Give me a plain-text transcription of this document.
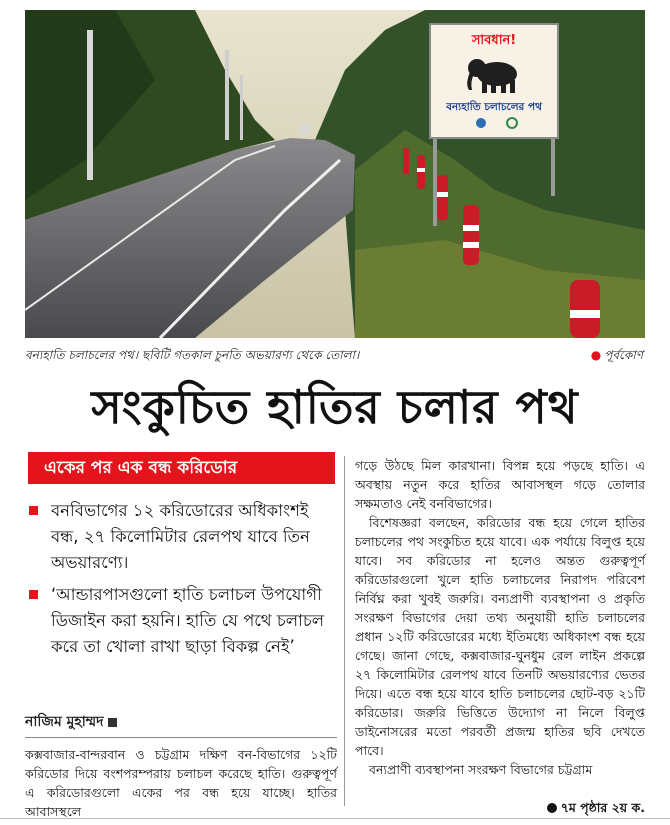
সাবধান!
বন্যহাতি চলাচলের পথ
বন্যহাতি চলাচলের পথ। ছবিটি গতকাল চুনতি অভয়ারণ্য থেকে তোলা।	● পূর্বকোণ
সংকুচিত হাতির চলার পথ
একের পর এক বন্ধ করিডোর
বনবিভাগের ১২ করিডোরের অধিকাংশই বন্ধ, ২৭ কিলোমিটার রেলপথ যাবে তিন অভয়ারণ্যে।
‘আন্ডারপাসগুলো হাতি চলাচল উপযোগী ডিজাইন করা হয়নি। হাতি যে পথে চলাচল করে তা খোলা রাখা ছাড়া বিকল্প নেই’
নাজিম মুহাম্মদ
কক্সবাজার-বান্দরবান ও চট্টগ্রাম দক্ষিণ বন-বিভাগের ১২টি করিডোর দিয়ে বংশপরম্পরায় চলাচল করেছে হাতি। গুরুত্বপূর্ণ এ করিডোরগুলো একের পর বন্ধ হয়ে যাচ্ছে। হাতির আবাসস্থলে

গড়ে উঠছে মিল কারখানা। বিপন্ন হয়ে পড়ছে হাতি। এ অবস্থায় নতুন করে হাতির আবাসস্থল গড়ে তোলার সক্ষমতাও নেই বনবিভাগের।

বিশেষজ্ঞরা বলছেন, করিডোর বন্ধ হয়ে গেলে হাতির চলাচলের পথ সংকুচিত হয়ে যাবে। এক পর্যায়ে বিলুপ্ত হয়ে যাবে। সব করিডোর না হলেও অন্তত গুরুত্বপূর্ণ করিডোরগুলো খুলে হাতি চলাচলের নিরাপদ পরিবেশ নির্বিঘ্ন করা খুবই জরুরি। বন্যপ্রাণী ব্যবস্থাপনা ও প্রকৃতি সংরক্ষণ বিভাগের দেয়া তথ্য অনুযায়ী হাতি চলাচলের প্রধান ১২টি করিডোরের মধ্যে ইতিমধ্যে অধিকাংশ বন্ধ হয়ে গেছে। জানা গেছে, কক্সবাজার-ঘুনধুম রেল লাইন প্রকল্পে ২৭ কিলোমিটার রেলপথ যাবে তিনটি অভয়ারণ্যের ভেতর দিয়ে। এতে বন্ধ হয়ে যাবে হাতি চলাচলের ছোট-বড় ২১টি করিডোর। জরুরি ভিত্তিতে উদ্যোগ না নিলে বিলুপ্ত ডাইনোসরের মতো পরবর্তী প্রজন্ম হাতির ছবি দেখতে পাবে।

বন্যপ্রাণী ব্যবস্থাপনা সংরক্ষণ বিভাগের চট্টগ্রাম

৭ম পৃষ্ঠার ২য় ক.
